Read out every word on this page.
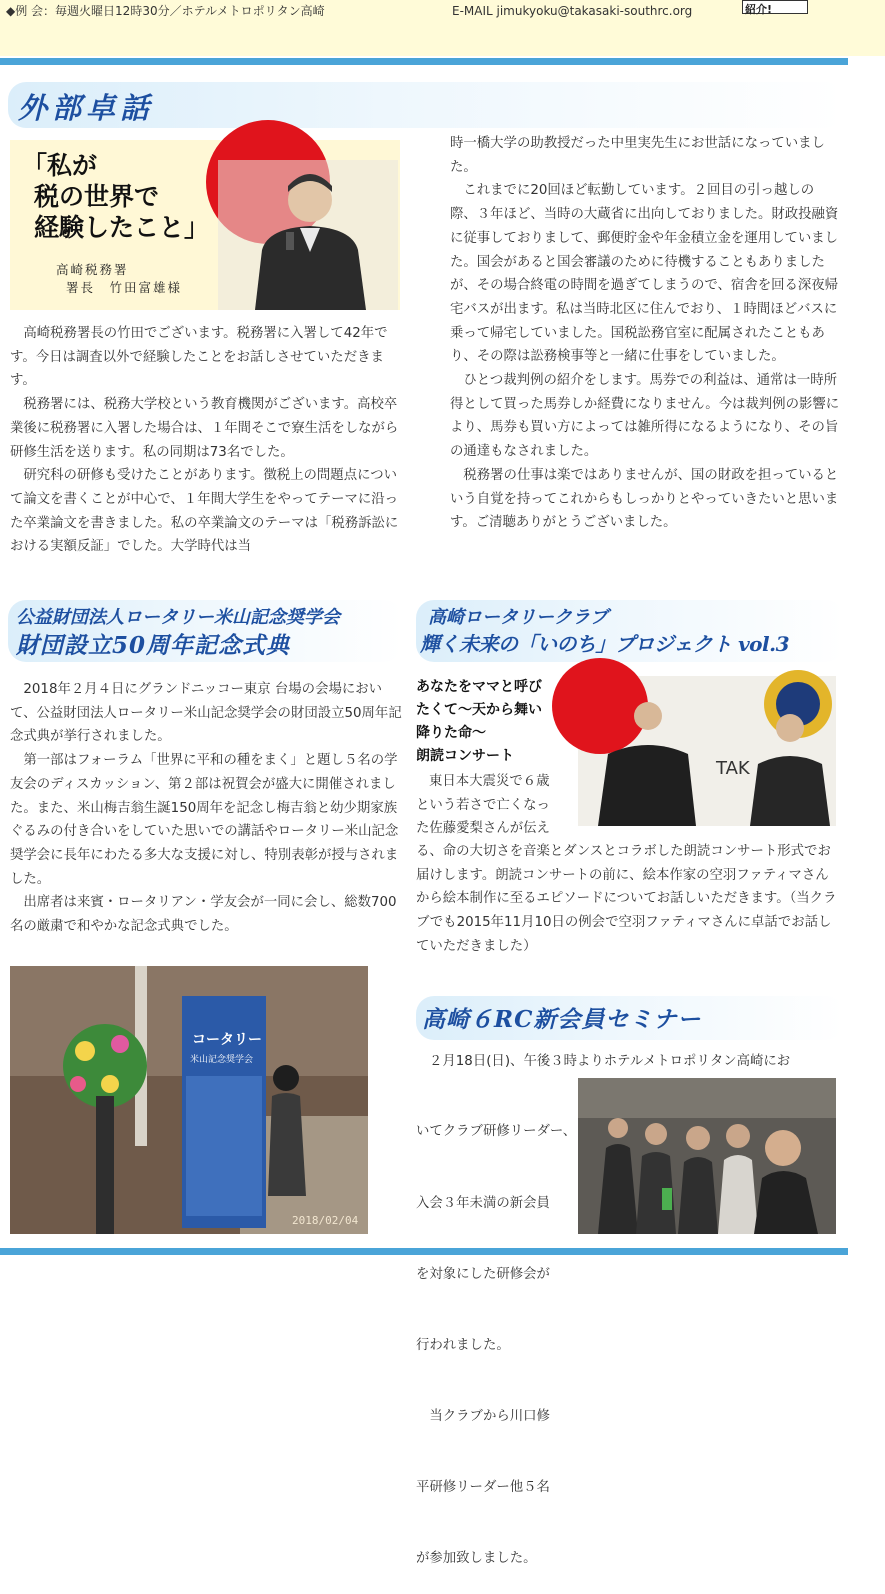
◆例 会：毎週火曜日12時30分／ホテルメトロポリタン高崎	E-MAIL jimukyoku@takasaki-southrc.org	紹介!
外部卓話
「私が
税の世界で
経験したこと」
高崎税務署
署長　竹田富雄様

高崎税務署長の竹田でございます。税務署に入署して42年です。今日は調査以外で経験したことをお話しさせていただきます。

税務署には、税務大学校という教育機関がございます。高校卒業後に税務署に入署した場合は、１年間そこで寮生活をしながら研修生活を送ります。私の同期は73名でした。

研究科の研修も受けたことがあります。徴税上の問題点について論文を書くことが中心で、１年間大学生をやってテーマに沿った卒業論文を書きました。私の卒業論文のテーマは「税務訴訟における実額反証」でした。大学時代は当

時一橋大学の助教授だった中里実先生にお世話になっていました。

これまでに20回ほど転勤しています。２回目の引っ越しの際、３年ほど、当時の大蔵省に出向しておりました。財政投融資に従事しておりまして、郵便貯金や年金積立金を運用していました。国会があると国会審議のために待機することもありましたが、その場合終電の時間を過ぎてしまうので、宿舎を回る深夜帰宅バスが出ます。私は当時北区に住んでおり、１時間ほどバスに乗って帰宅していました。国税訟務官室に配属されたこともあり、その際は訟務検事等と一緒に仕事をしていました。

ひとつ裁判例の紹介をします。馬券での利益は、通常は一時所得として買った馬券しか経費になりません。今は裁判例の影響により、馬券も買い方によっては雑所得になるようになり、その旨の通達もなされました。

税務署の仕事は楽ではありませんが、国の財政を担っているという自覚を持ってこれからもしっかりとやっていきたいと思います。ご清聴ありがとうございました。

公益財団法人ロータリー米山記念奨学会
財団設立50周年記念式典

2018年２月４日にグランドニッコー東京 台場の会場において、公益財団法人ロータリー米山記念奨学会の財団設立50周年記念式典が挙行されました。

第一部はフォーラム「世界に平和の種をまく」と題し５名の学友会のディスカッション、第２部は祝賀会が盛大に開催されました。また、米山梅吉翁生誕150周年を記念し梅吉翁と幼少期家族ぐるみの付き合いをしていた思いでの講話やロータリー米山記念奨学会に長年にわたる多大な支援に対し、特別表彰が授与されました。

出席者は来賓・ロータリアン・学友会が一同に会し、総数700名の厳粛で和やかな記念式典でした。

コータリー
米山記念奨学会
2018/02/04
高崎ロータリークラブ
輝く未来の「いのち」プロジェクト vol.3
あなたをママと呼び
たくて～天から舞い
降りた命～
朗読コンサート
東日本大震災で６歳
という若さで亡くなっ
た佐藤愛梨さんが伝え
る、命の大切さを音楽とダンスとコラボした朗読コンサート形式でお届けします。朗読コンサートの前に、絵本作家の空羽ファティマさんから絵本制作に至るエピソードについてお話しいただきます。（当クラブでも2015年11月10日の例会で空羽ファティマさんに卓話でお話していただきました）
TAK
高崎６RC新会員セミナー
２月18日(日)、午後３時よりホテルメトロポリタン高崎にお

いてクラブ研修リーダー、

入会３年未満の新会員

を対象にした研修会が

行われました。

　当クラブから川口修

平研修リーダー他５名

が参加致しました。
